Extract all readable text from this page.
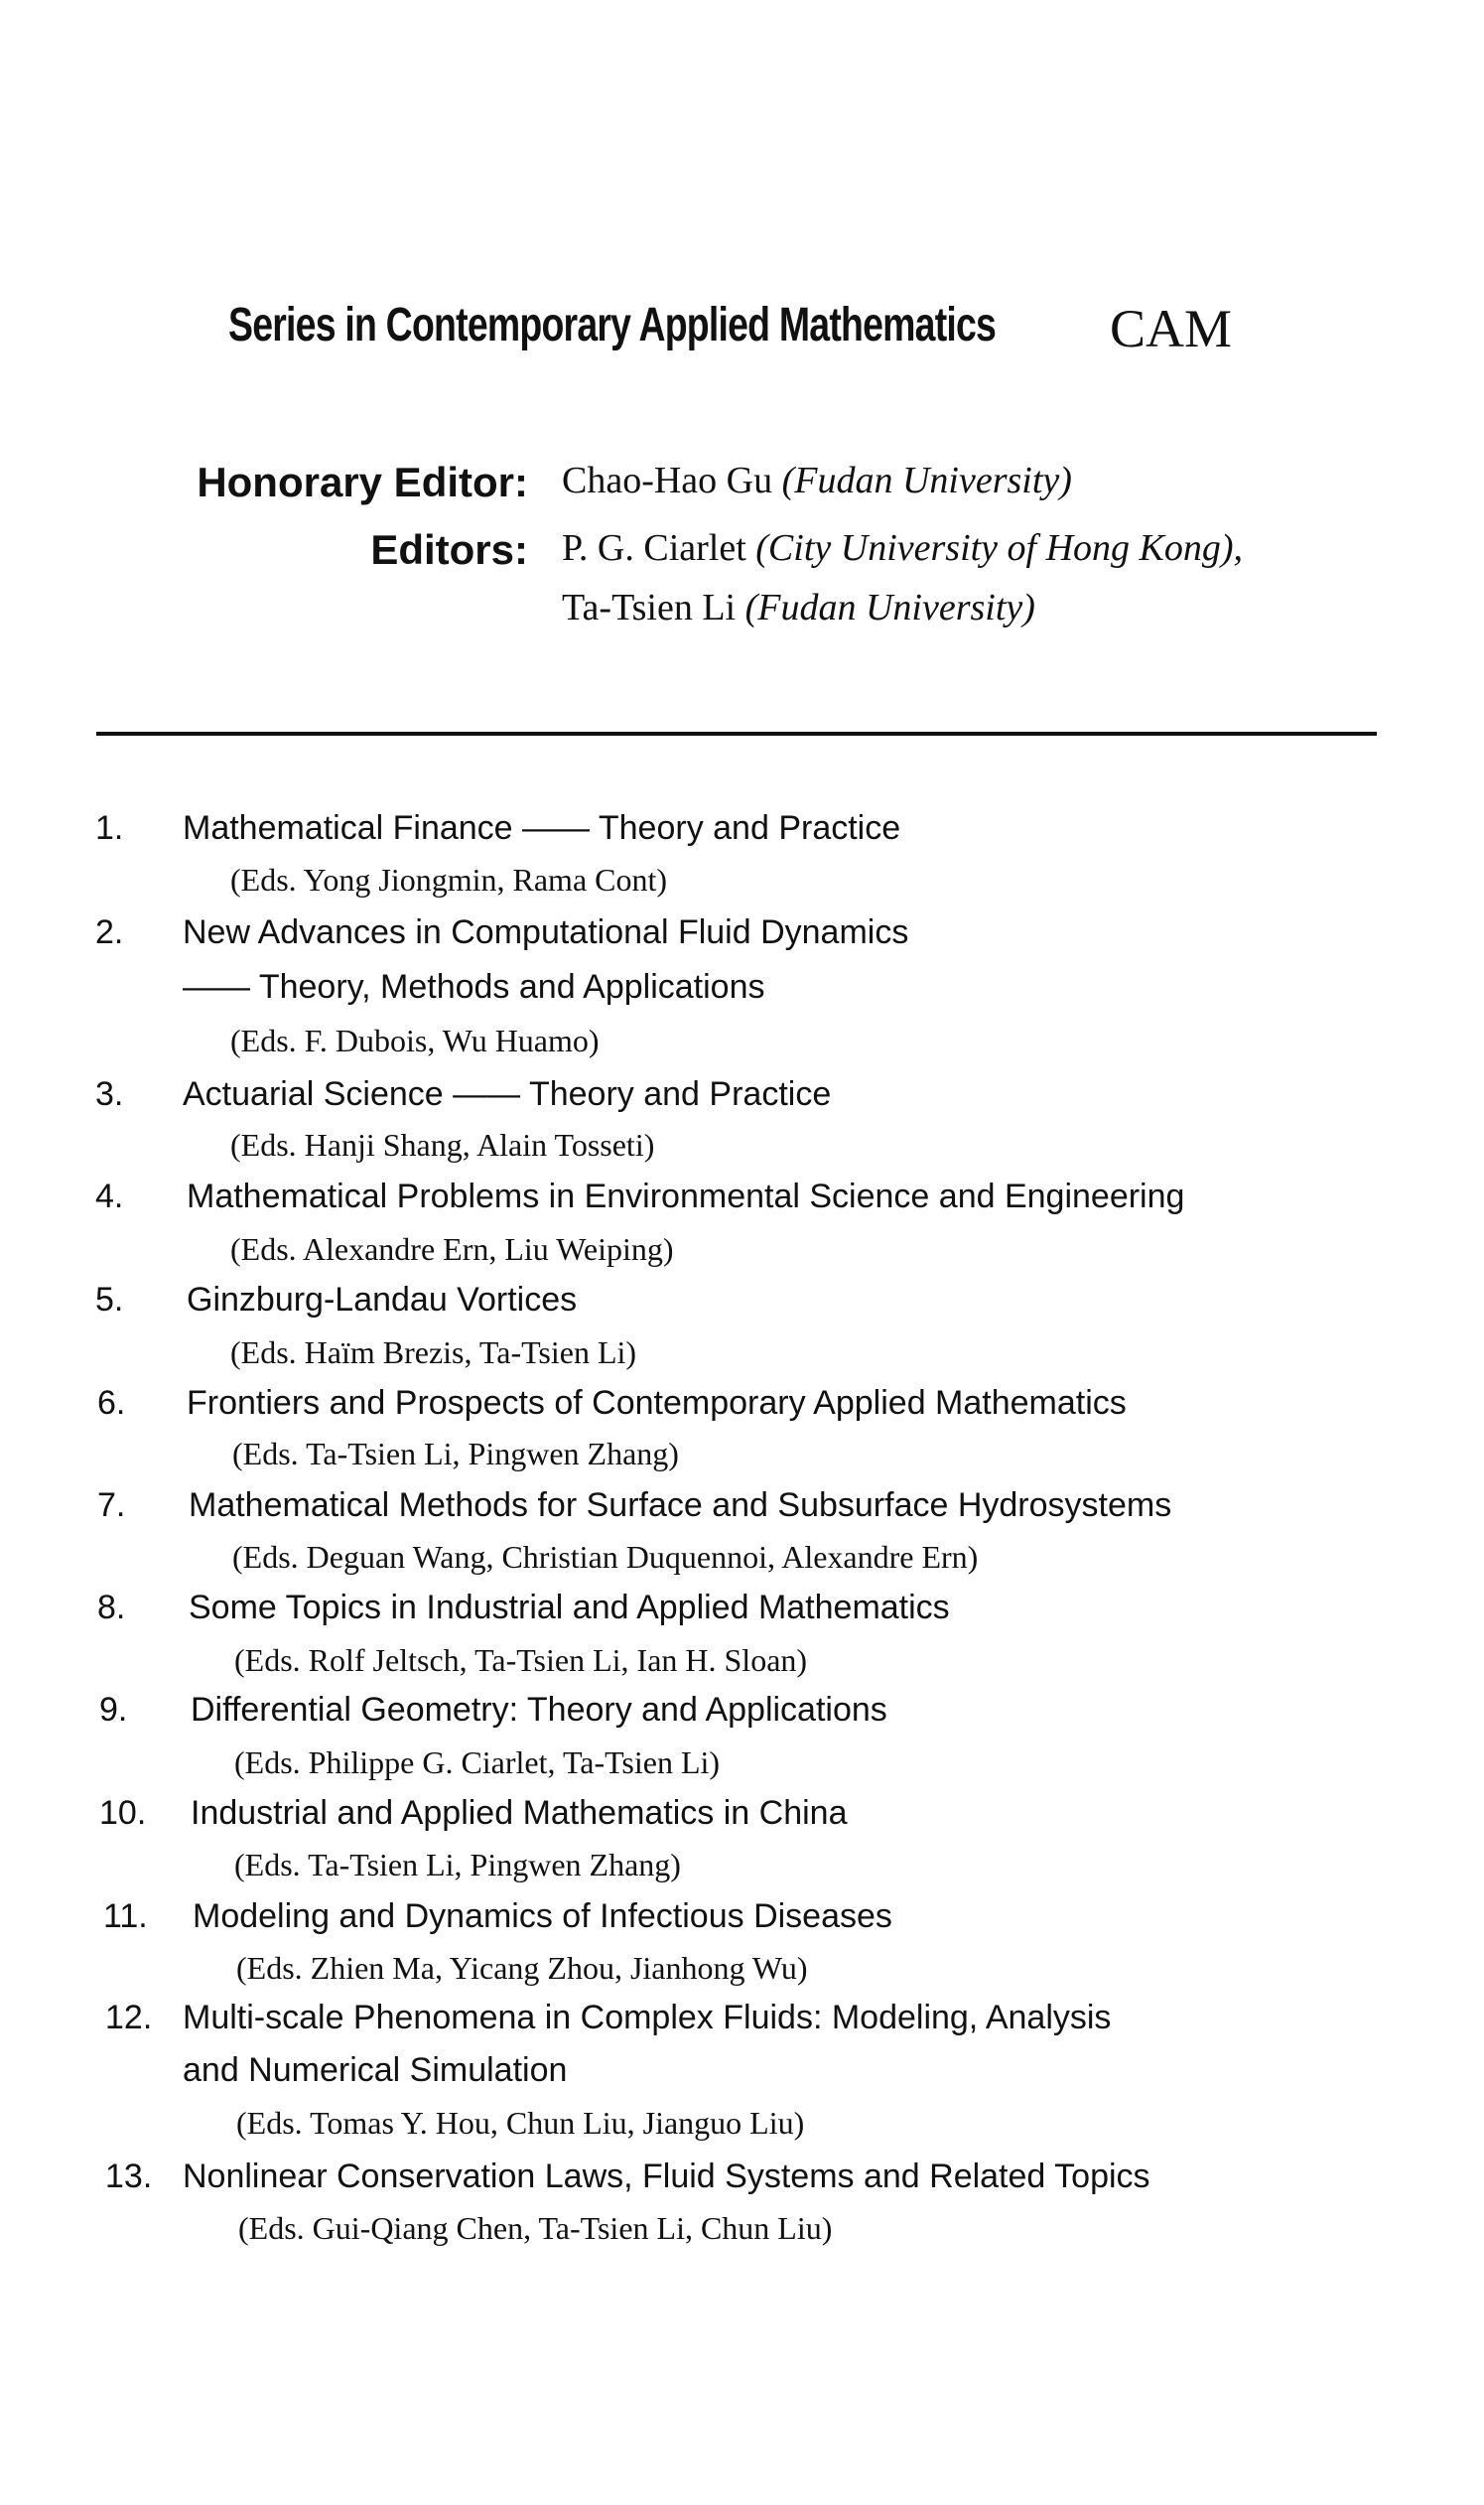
Series in Contemporary Applied Mathematics CAM
Honorary Editor: Chao-Hao Gu (Fudan University)
Editors: P. G. Ciarlet (City University of Hong Kong),
Ta-Tsien Li (Fudan University)
1. Mathematical Finance —— Theory and Practice
(Eds. Yong Jiongmin, Rama Cont)
2. New Advances in Computational Fluid Dynamics
—— Theory, Methods and Applications
(Eds. F. Dubois, Wu Huamo)
3. Actuarial Science —— Theory and Practice
(Eds. Hanji Shang, Alain Tosseti)
4. Mathematical Problems in Environmental Science and Engineering
(Eds. Alexandre Ern, Liu Weiping)
5. Ginzburg-Landau Vortices
(Eds. Haïm Brezis, Ta-Tsien Li)
6. Frontiers and Prospects of Contemporary Applied Mathematics
(Eds. Ta-Tsien Li, Pingwen Zhang)
7. Mathematical Methods for Surface and Subsurface Hydrosystems
(Eds. Deguan Wang, Christian Duquennoi, Alexandre Ern)
8. Some Topics in Industrial and Applied Mathematics
(Eds. Rolf Jeltsch, Ta-Tsien Li, Ian H. Sloan)
9. Differential Geometry: Theory and Applications
(Eds. Philippe G. Ciarlet, Ta-Tsien Li)
10. Industrial and Applied Mathematics in China
(Eds. Ta-Tsien Li, Pingwen Zhang)
11. Modeling and Dynamics of Infectious Diseases
(Eds. Zhien Ma, Yicang Zhou, Jianhong Wu)
12. Multi-scale Phenomena in Complex Fluids: Modeling, Analysis
and Numerical Simulation
(Eds. Tomas Y. Hou, Chun Liu, Jianguo Liu)
13. Nonlinear Conservation Laws, Fluid Systems and Related Topics
(Eds. Gui-Qiang Chen, Ta-Tsien Li, Chun Liu)
